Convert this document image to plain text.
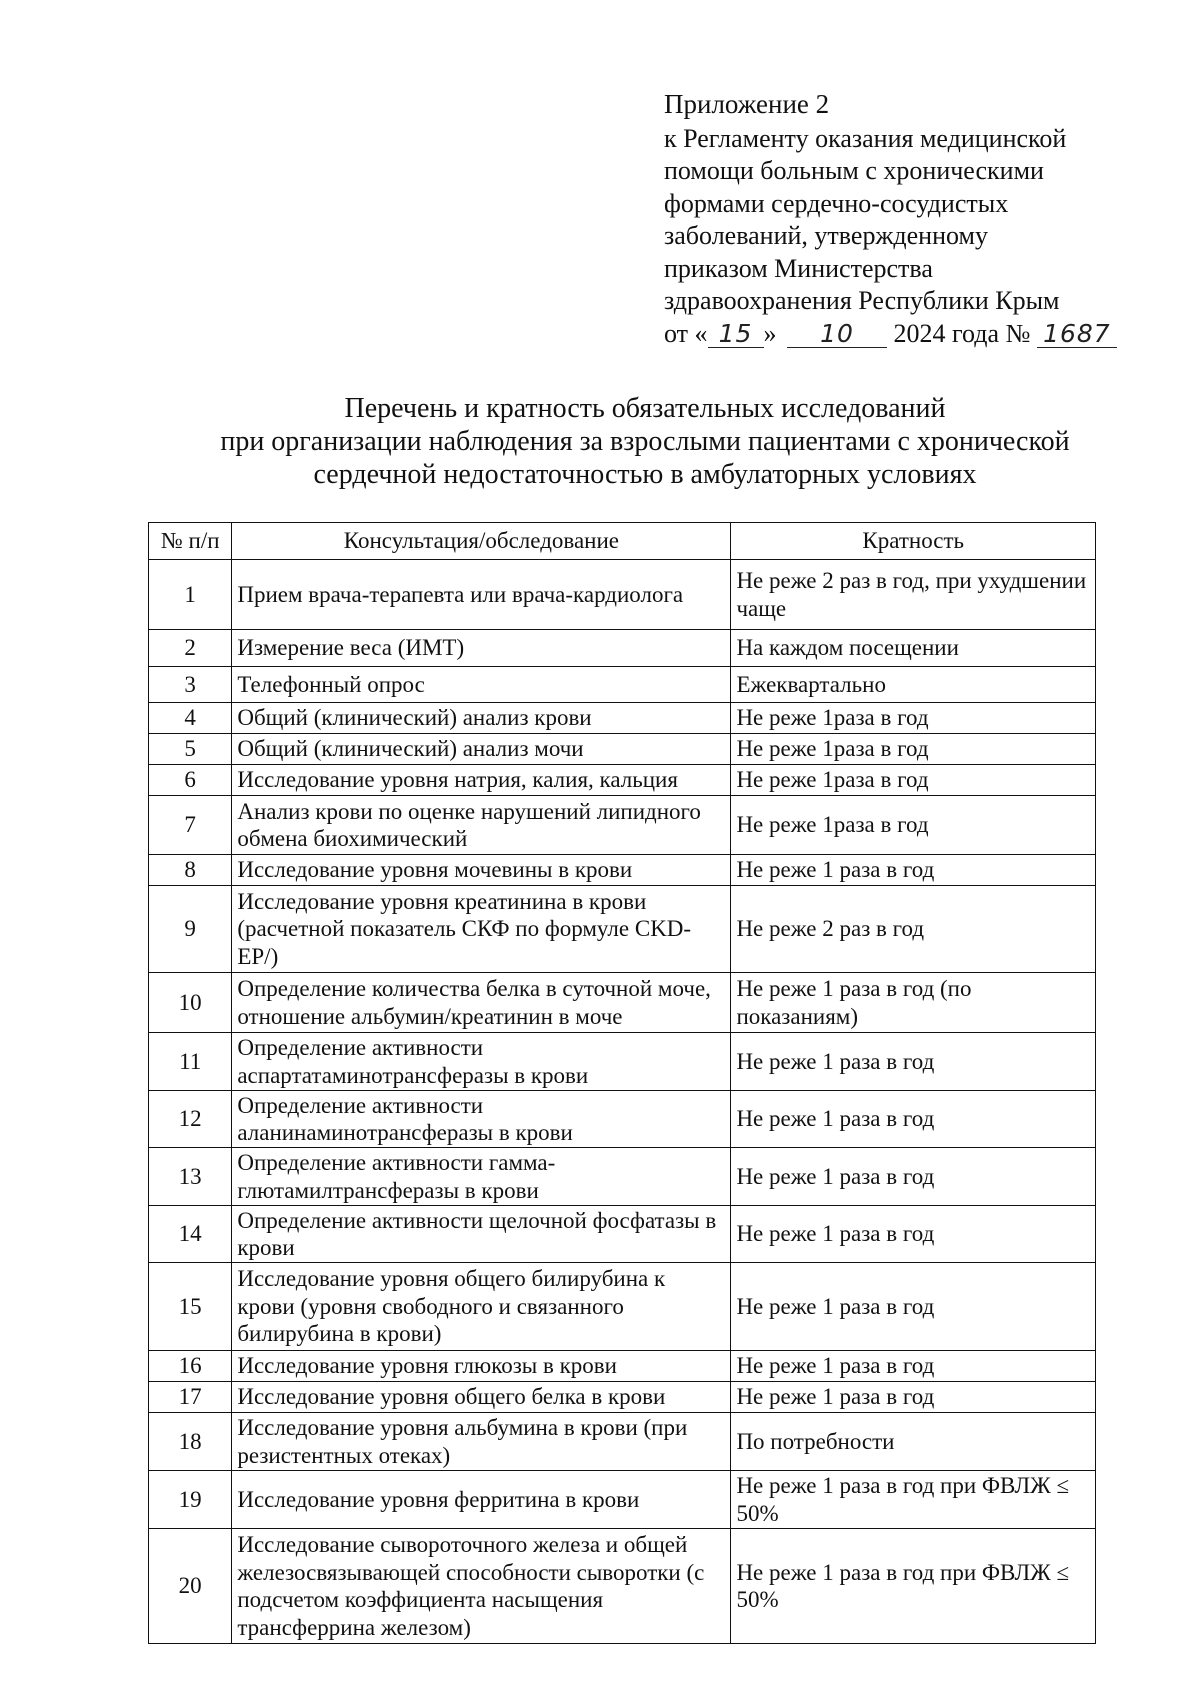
Приложение 2
к Регламенту оказания медицинской
помощи больным с хроническими
формами сердечно-сосудистых
заболеваний, утвержденному
приказом Министерства
здравоохранения Республики Крым
от « 15 » 10 2024 года № 1687
Перечень и кратность обязательных исследований
при организации наблюдения за взрослыми пациентами с хронической
сердечной недостаточностью в амбулаторных условиях
№ п/п	Консультация/обследование	Кратность
1	Прием врача-терапевта или врача-кардиолога	Не реже 2 раз в год, при ухудшении чаще
2	Измерение веса (ИМТ)	На каждом посещении
3	Телефонный опрос	Ежеквартально
4	Общий (клинический) анализ крови	Не реже 1раза в год
5	Общий (клинический) анализ мочи	Не реже 1раза в год
6	Исследование уровня натрия, калия, кальция	Не реже 1раза в год
7	Анализ крови по оценке нарушений липидного обмена биохимический	Не реже 1раза в год
8	Исследование уровня мочевины в крови	Не реже 1 раза в год
9	Исследование уровня креатинина в крови (расчетной показатель СКФ по формуле CKD-EP/)	Не реже 2 раз в год
10	Определение количества белка в суточной моче, отношение альбумин/креатинин в моче	Не реже 1 раза в год (по показаниям)
11	Определение активности аспартатаминотрансферазы в крови	Не реже 1 раза в год
12	Определение активности аланинаминотрансферазы в крови	Не реже 1 раза в год
13	Определение активности гамма-глютамилтрансферазы в крови	Не реже 1 раза в год
14	Определение активности щелочной фосфатазы в крови	Не реже 1 раза в год
15	Исследование уровня общего билирубина к крови (уровня свободного и связанного билирубина в крови)	Не реже 1 раза в год
16	Исследование уровня глюкозы в крови	Не реже 1 раза в год
17	Исследование уровня общего белка в крови	Не реже 1 раза в год
18	Исследование уровня альбумина в крови (при резистентных отеках)	По потребности
19	Исследование уровня ферритина в крови	Не реже 1 раза в год при ФВЛЖ ≤ 50%
20	Исследование сывороточного железа и общей железосвязывающей способности сыворотки (с подсчетом коэффициента насыщения трансферрина железом)	Не реже 1 раза в год при ФВЛЖ ≤ 50%
